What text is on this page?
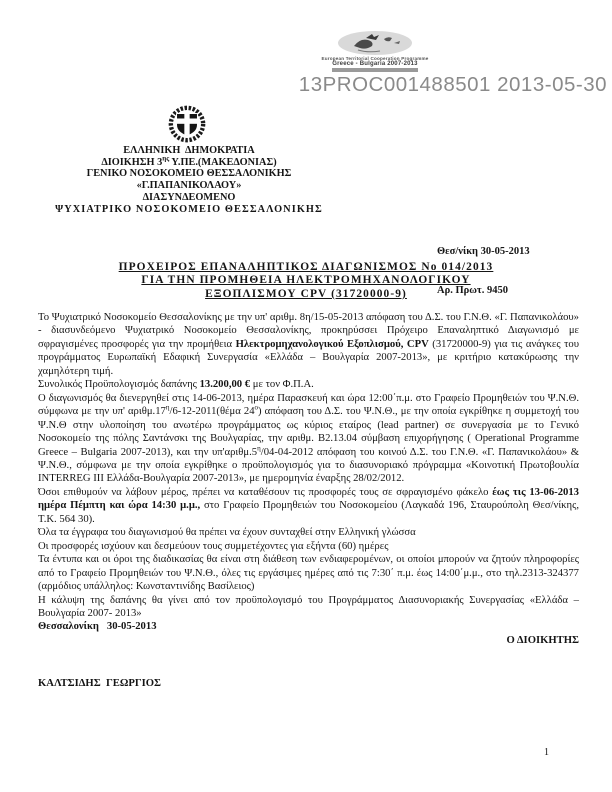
European Territorial Cooperation Programme
Greece - Bulgaria 2007-2013
13PROC001488501 2013-05-30
ΕΛΛΗΝΙΚΗ  ΔΗΜΟΚΡΑΤΙΑ
ΔΙΟΙΚΗΣΗ $3^{\eta\varsigma}$ Υ.ΠΕ.(ΜΑΚΕΔΟΝΙΑΣ)
ΓΕΝΙΚΟ ΝΟΣΟΚΟΜΕΙΟ ΘΕΣΣΑΛΟΝΙΚΗΣ
«Γ.ΠΑΠΑΝΙΚΟΛΑΟΥ»
ΔΙΑΣΥΝΔΕΟΜΕΝΟ
ΨΥΧΙΑΤΡΙΚΟ ΝΟΣΟΚΟΜΕΙΟ ΘΕΣΣΑΛΟΝΙΚΗΣ

Θεσ/νίκη 30-05-2013

Αρ. Πρωτ. 9450

ΠΡΟΧΕΙΡΟΣ ΕΠΑΝΑΛΗΠΤΙΚΟΣ ΔΙΑΓΩΝΙΣΜΟΣ Νο 014/2013
ΓΙΑ ΤΗΝ ΠΡΟΜΗΘΕΙΑ ΗΛΕΚΤΡΟΜΗΧΑΝΟΛΟΓΙΚΟΥ
ΕΞΟΠΛΙΣΜΟΥ CPV (31720000-9)

Το Ψυχιατρικό Νοσοκομείο Θεσσαλονίκης με την υπ' αριθμ. 8η/15-05-2013 απόφαση του Δ.Σ. του Γ.Ν.Θ. «Γ. Παπανικολάου» - διασυνδεόμενο Ψυχιατρικό Νοσοκομείο Θεσσαλονίκης, προκηρύσσει Πρόχειρο Επαναληπτικό Διαγωνισμό με σφραγισμένες προσφορές για την προμήθεια Ηλεκτρομηχανολογικού Εξοπλισμού, CPV (31720000-9) για τις ανάγκες του προγράμματος Ευρωπαϊκή Εδαφική Συνεργασία «Ελλάδα – Βουλγαρία 2007-2013», με κριτήριο κατακύρωσης την χαμηλότερη τιμή.

Συνολικός Προϋπολογισμός δαπάνης 13.200,00 € με τον Φ.Π.Α.

Ο διαγωνισμός θα διενεργηθεί στις 14-06-2013, ημέρα Παρασκευή και ώρα 12:00΄π.μ. στο Γραφείο Προμηθειών του Ψ.Ν.Θ. σύμφωνα με την υπ' $\alpha\rho\iota\theta\mu.17^\eta/6-12-2011(\theta έ\mu\alpha$ $24^o$) απόφαση του Δ.Σ. του Ψ.Ν.Θ., με την οποία εγκρίθηκε η συμμετοχή του Ψ.Ν.Θ στην υλοποίηση του ανωτέρω προγράμματος ως κύριος εταίρος (lead partner) σε συνεργασία με το Γενικό Νοσοκομείο της πόλης Σαντάνσκι της Βουλγαρίας, την αριθμ. Β2.13.04 σύμβαση επιχορήγησης ( Operational Programme Greece – Bulgaria 2007-2013), και την $\upsilon\pi'\alpha\rho\iota\theta\mu.5^\eta/04-04-2012$ απόφαση του κοινού Δ.Σ. του Γ.Ν.Θ. «Γ. Παπανικολάου» & Ψ.Ν.Θ., σύμφωνα με την οποία εγκρίθηκε ο προϋπολογισμός για το διασυνοριακό πρόγραμμα «Κοινοτική Πρωτοβουλία INTERREG III Ελλάδα-Βουλγαρία 2007-2013», με ημερομηνία έναρξης 28/02/2012.

Όσοι επιθυμούν να λάβουν μέρος, πρέπει να καταθέσουν τις προσφορές τους σε σφραγισμένο φάκελο έως τις 13-06-2013 ημέρα Πέμπτη και ώρα 14:30 μ.μ., στο Γραφείο Προμηθειών του Νοσοκομείου (Λαγκαδά 196, Σταυρούπολη Θεσ/νίκης, Τ.Κ. 564 30).

Όλα τα έγγραφα του διαγωνισμού θα πρέπει να έχουν συνταχθεί στην Ελληνική γλώσσα

Οι προσφορές ισχύουν και δεσμεύουν τους συμμετέχοντες για εξήντα (60) ημέρες

Τα έντυπα και οι όροι της διαδικασίας θα είναι στη διάθεση των ενδιαφερομένων, οι οποίοι μπορούν να ζητούν πληροφορίες από το Γραφείο Προμηθειών του Ψ.Ν.Θ., όλες τις εργάσιμες ημέρες από τις 7:30΄ π.μ. έως 14:00΄μ.μ., στο τηλ.2313-324377 (αρμόδιος υπάλληλος: Κωνσταντινίδης Βασίλειος)

Η κάλυψη της δαπάνης θα γίνει από τον προϋπολογισμό του Προγράμματος Διασυνοριακής Συνεργασίας «Ελλάδα – Βουλγαρία 2007- 2013»

Θεσσαλονίκη   30-05-2013

Ο ΔΙΟΙΚΗΤΗΣ

ΚΑΛΤΣΙΔΗΣ  ΓΕΩΡΓΙΟΣ

1
